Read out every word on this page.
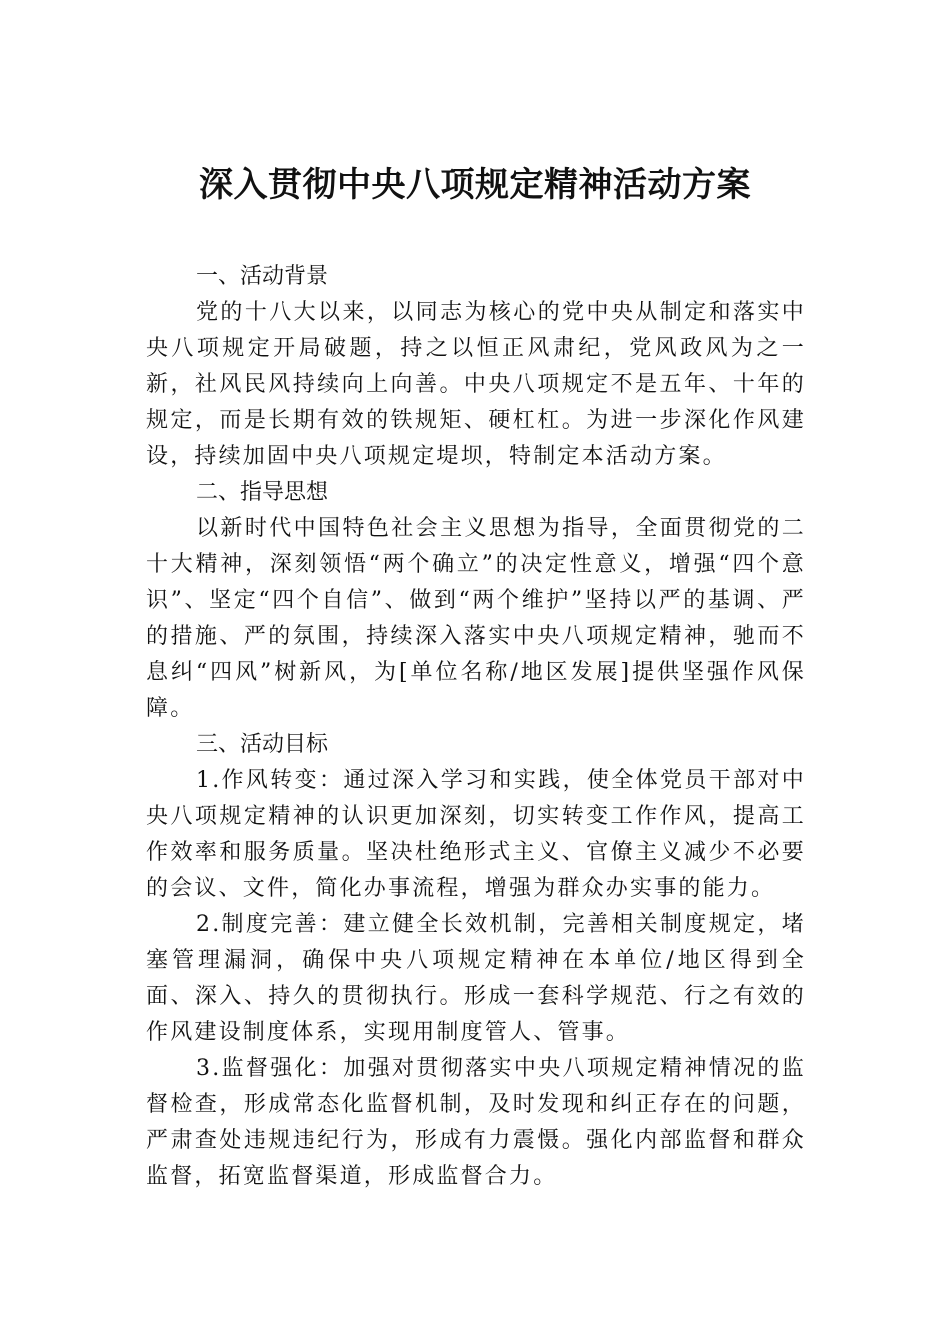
深入贯彻中央八项规定精神活动方案
一、活动背景

党的十八大以来，以同志为核心的党中央从制定和落实中央八项规定开局破题，持之以恒正风肃纪，党风政风为之一新，社风民风持续向上向善。中央八项规定不是五年、十年的规定，而是长期有效的铁规矩、硬杠杠。为进一步深化作风建设，持续加固中央八项规定堤坝，特制定本活动方案。

二、指导思想

以新时代中国特色社会主义思想为指导，全面贯彻党的二十大精神，深刻领悟“两个确立”的决定性意义，增强“四个意识”、坚定“四个自信”、做到“两个维护”坚持以严的基调、严的措施、严的氛围，持续深入落实中央八项规定精神，驰而不息纠“四风”树新风，为[单位名称/地区发展]提供坚强作风保障。

三、活动目标

1.作风转变：通过深入学习和实践，使全体党员干部对中央八项规定精神的认识更加深刻，切实转变工作作风，提高工作效率和服务质量。坚决杜绝形式主义、官僚主义减少不必要的会议、文件，简化办事流程，增强为群众办实事的能力。

2.制度完善：建立健全长效机制，完善相关制度规定，堵塞管理漏洞，确保中央八项规定精神在本单位/地区得到全面、深入、持久的贯彻执行。形成一套科学规范、行之有效的作风建设制度体系，实现用制度管人、管事。

3.监督强化：加强对贯彻落实中央八项规定精神情况的监督检查，形成常态化监督机制，及时发现和纠正存在的问题，严肃查处违规违纪行为，形成有力震慑。强化内部监督和群众监督，拓宽监督渠道，形成监督合力。
